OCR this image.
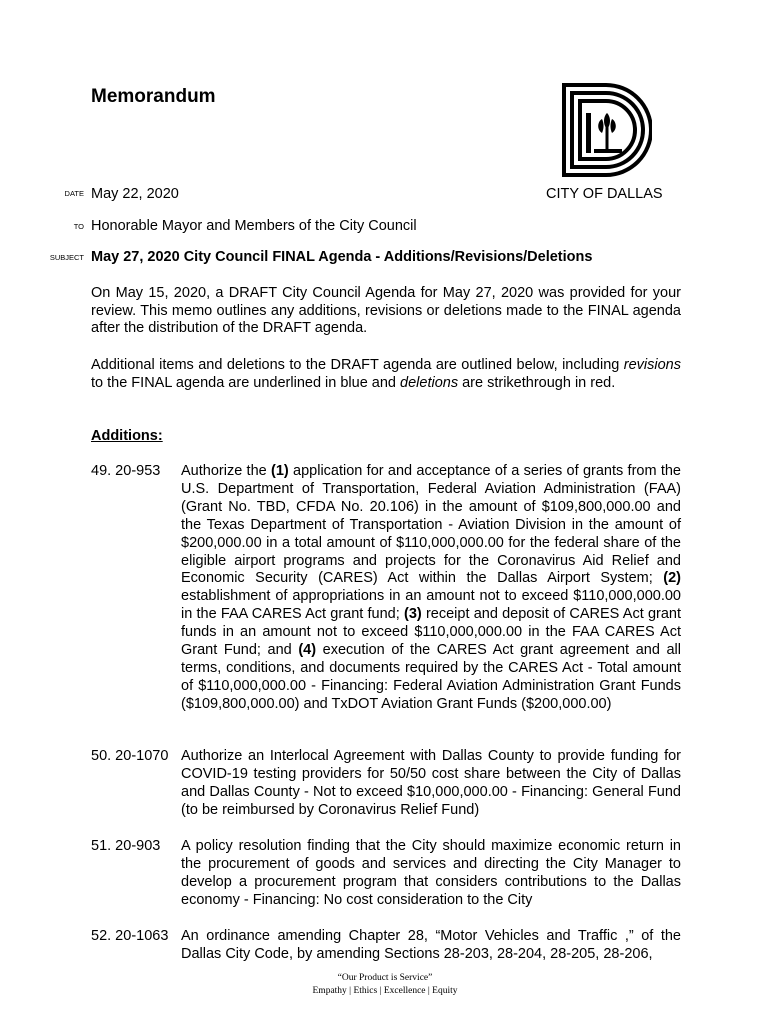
Memorandum
DATE May 22, 2020	CITY OF DALLAS
TO Honorable Mayor and Members of the City Council
SUBJECT May 27, 2020 City Council FINAL Agenda - Additions/Revisions/Deletions
On May 15, 2020, a DRAFT City Council Agenda for May 27, 2020 was provided for your review. This memo outlines any additions, revisions or deletions made to the FINAL agenda after the distribution of the DRAFT agenda.
Additional items and deletions to the DRAFT agenda are outlined below, including revisions to the FINAL agenda are underlined in blue and deletions are strikethrough in red.
Additions:
49. 20-953	Authorize the (1) application for and acceptance of a series of grants from the U.S. Department of Transportation, Federal Aviation Administration (FAA) (Grant No. TBD, CFDA No. 20.106) in the amount of $109,800,000.00 and the Texas Department of Transportation - Aviation Division in the amount of $200,000.00 in a total amount of $110,000,000.00 for the federal share of the eligible airport programs and projects for the Coronavirus Aid Relief and Economic Security (CARES) Act within the Dallas Airport System; (2) establishment of appropriations in an amount not to exceed $110,000,000.00 in the FAA CARES Act grant fund; (3) receipt and deposit of CARES Act grant funds in an amount not to exceed $110,000,000.00 in the FAA CARES Act Grant Fund; and (4) execution of the CARES Act grant agreement and all terms, conditions, and documents required by the CARES Act - Total amount of $110,000,000.00 - Financing: Federal Aviation Administration Grant Funds ($109,800,000.00) and TxDOT Aviation Grant Funds ($200,000.00)
50. 20-1070 Authorize an Interlocal Agreement with Dallas County to provide funding for COVID-19 testing providers for 50/50 cost share between the City of Dallas and Dallas County - Not to exceed $10,000,000.00 - Financing: General Fund (to be reimbursed by Coronavirus Relief Fund)
51. 20-903	A policy resolution finding that the City should maximize economic return in the procurement of goods and services and directing the City Manager to develop a procurement program that considers contributions to the Dallas economy - Financing: No cost consideration to the City
52. 20-1063 An ordinance amending Chapter 28, “Motor Vehicles and Traffic ,” of the Dallas City Code, by amending Sections 28-203, 28-204, 28-205, 28-206,
“Our Product is Service”
Empathy | Ethics | Excellence | Equity
